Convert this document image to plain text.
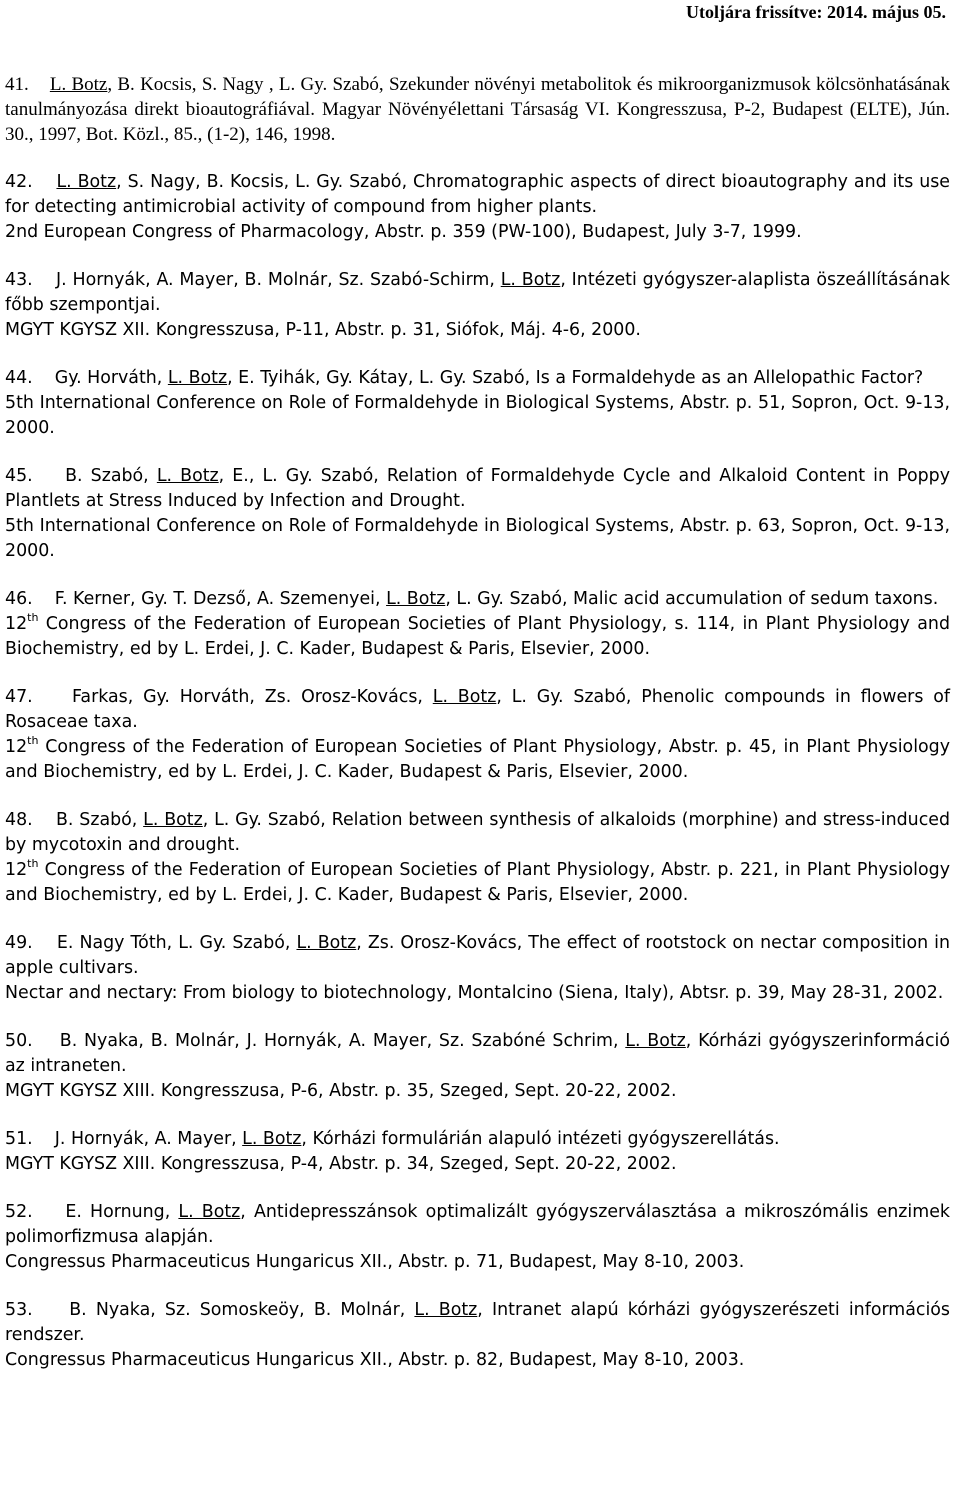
Utoljára frissítve: 2014. május 05.

41. L. Botz, B. Kocsis, S. Nagy , L. Gy. Szabó, Szekunder növényi metabolitok és mikroorganizmusok kölcsönhatásának tanulmányozása direkt bioautográfiával. Magyar Növényélettani Társaság VI. Kongresszusa, P-2, Budapest (ELTE), Jún. 30., 1997, Bot. Közl., 85., (1-2), 146, 1998.

42. L. Botz, S. Nagy, B. Kocsis, L. Gy. Szabó, Chromatographic aspects of direct bioautography and its use for detecting antimicrobial activity of compound from higher plants.

2nd European Congress of Pharmacology, Abstr. p. 359 (PW-100), Budapest, July 3-7, 1999.

43. J. Hornyák, A. Mayer, B. Molnár, Sz. Szabó-Schirm, L. Botz, Intézeti gyógyszer-alaplista öszeállításának főbb szempontjai.

MGYT KGYSZ XII. Kongresszusa, P-11, Abstr. p. 31, Siófok, Máj. 4-6, 2000.

44. Gy. Horváth, L. Botz, E. Tyihák, Gy. Kátay, L. Gy. Szabó, Is a Formaldehyde as an Allelopathic Factor?

5th International Conference on Role of Formaldehyde in Biological Systems, Abstr. p. 51, Sopron, Oct. 9-13, 2000.

45. B. Szabó, L. Botz, E., L. Gy. Szabó, Relation of Formaldehyde Cycle and Alkaloid Content in Poppy Plantlets at Stress Induced by Infection and Drought.

5th International Conference on Role of Formaldehyde in Biological Systems, Abstr. p. 63, Sopron, Oct. 9-13, 2000.

46. F. Kerner, Gy. T. Dezső, A. Szemenyei, L. Botz, L. Gy. Szabó, Malic acid accumulation of sedum taxons.

12th Congress of the Federation of European Societies of Plant Physiology, s. 114, in Plant Physiology and Biochemistry, ed by L. Erdei, J. C. Kader, Budapest & Paris, Elsevier, 2000.

47. Farkas, Gy. Horváth, Zs. Orosz-Kovács, L. Botz, L. Gy. Szabó, Phenolic compounds in flowers of Rosaceae taxa.

12th Congress of the Federation of European Societies of Plant Physiology, Abstr. p. 45, in Plant Physiology and Biochemistry, ed by L. Erdei, J. C. Kader, Budapest & Paris, Elsevier, 2000.

48. B. Szabó, L. Botz, L. Gy. Szabó, Relation between synthesis of alkaloids (morphine) and stress-induced by mycotoxin and drought.

12th Congress of the Federation of European Societies of Plant Physiology, Abstr. p. 221, in Plant Physiology and Biochemistry, ed by L. Erdei, J. C. Kader, Budapest & Paris, Elsevier, 2000.

49. E. Nagy Tóth, L. Gy. Szabó, L. Botz, Zs. Orosz-Kovács, The effect of rootstock on nectar composition in apple cultivars.

Nectar and nectary: From biology to biotechnology, Montalcino (Siena, Italy), Abtsr. p. 39, May 28-31, 2002.

50. B. Nyaka, B. Molnár, J. Hornyák, A. Mayer, Sz. Szabóné Schrim, L. Botz, Kórházi gyógyszerinformáció az intraneten.

MGYT KGYSZ XIII. Kongresszusa, P-6, Abstr. p. 35, Szeged, Sept. 20-22, 2002.

51. J. Hornyák, A. Mayer, L. Botz, Kórházi formulárián alapuló intézeti gyógyszerellátás.

MGYT KGYSZ XIII. Kongresszusa, P-4, Abstr. p. 34, Szeged, Sept. 20-22, 2002.

52. E. Hornung, L. Botz, Antidepresszánsok optimalizált gyógyszerválasztása a mikroszómális enzimek polimorfizmusa alapján.

Congressus Pharmaceuticus Hungaricus XII., Abstr. p. 71, Budapest, May 8-10, 2003.

53. B. Nyaka, Sz. Somoskeöy, B. Molnár, L. Botz, Intranet alapú kórházi gyógyszerészeti információs rendszer.

Congressus Pharmaceuticus Hungaricus XII., Abstr. p. 82, Budapest, May 8-10, 2003.
